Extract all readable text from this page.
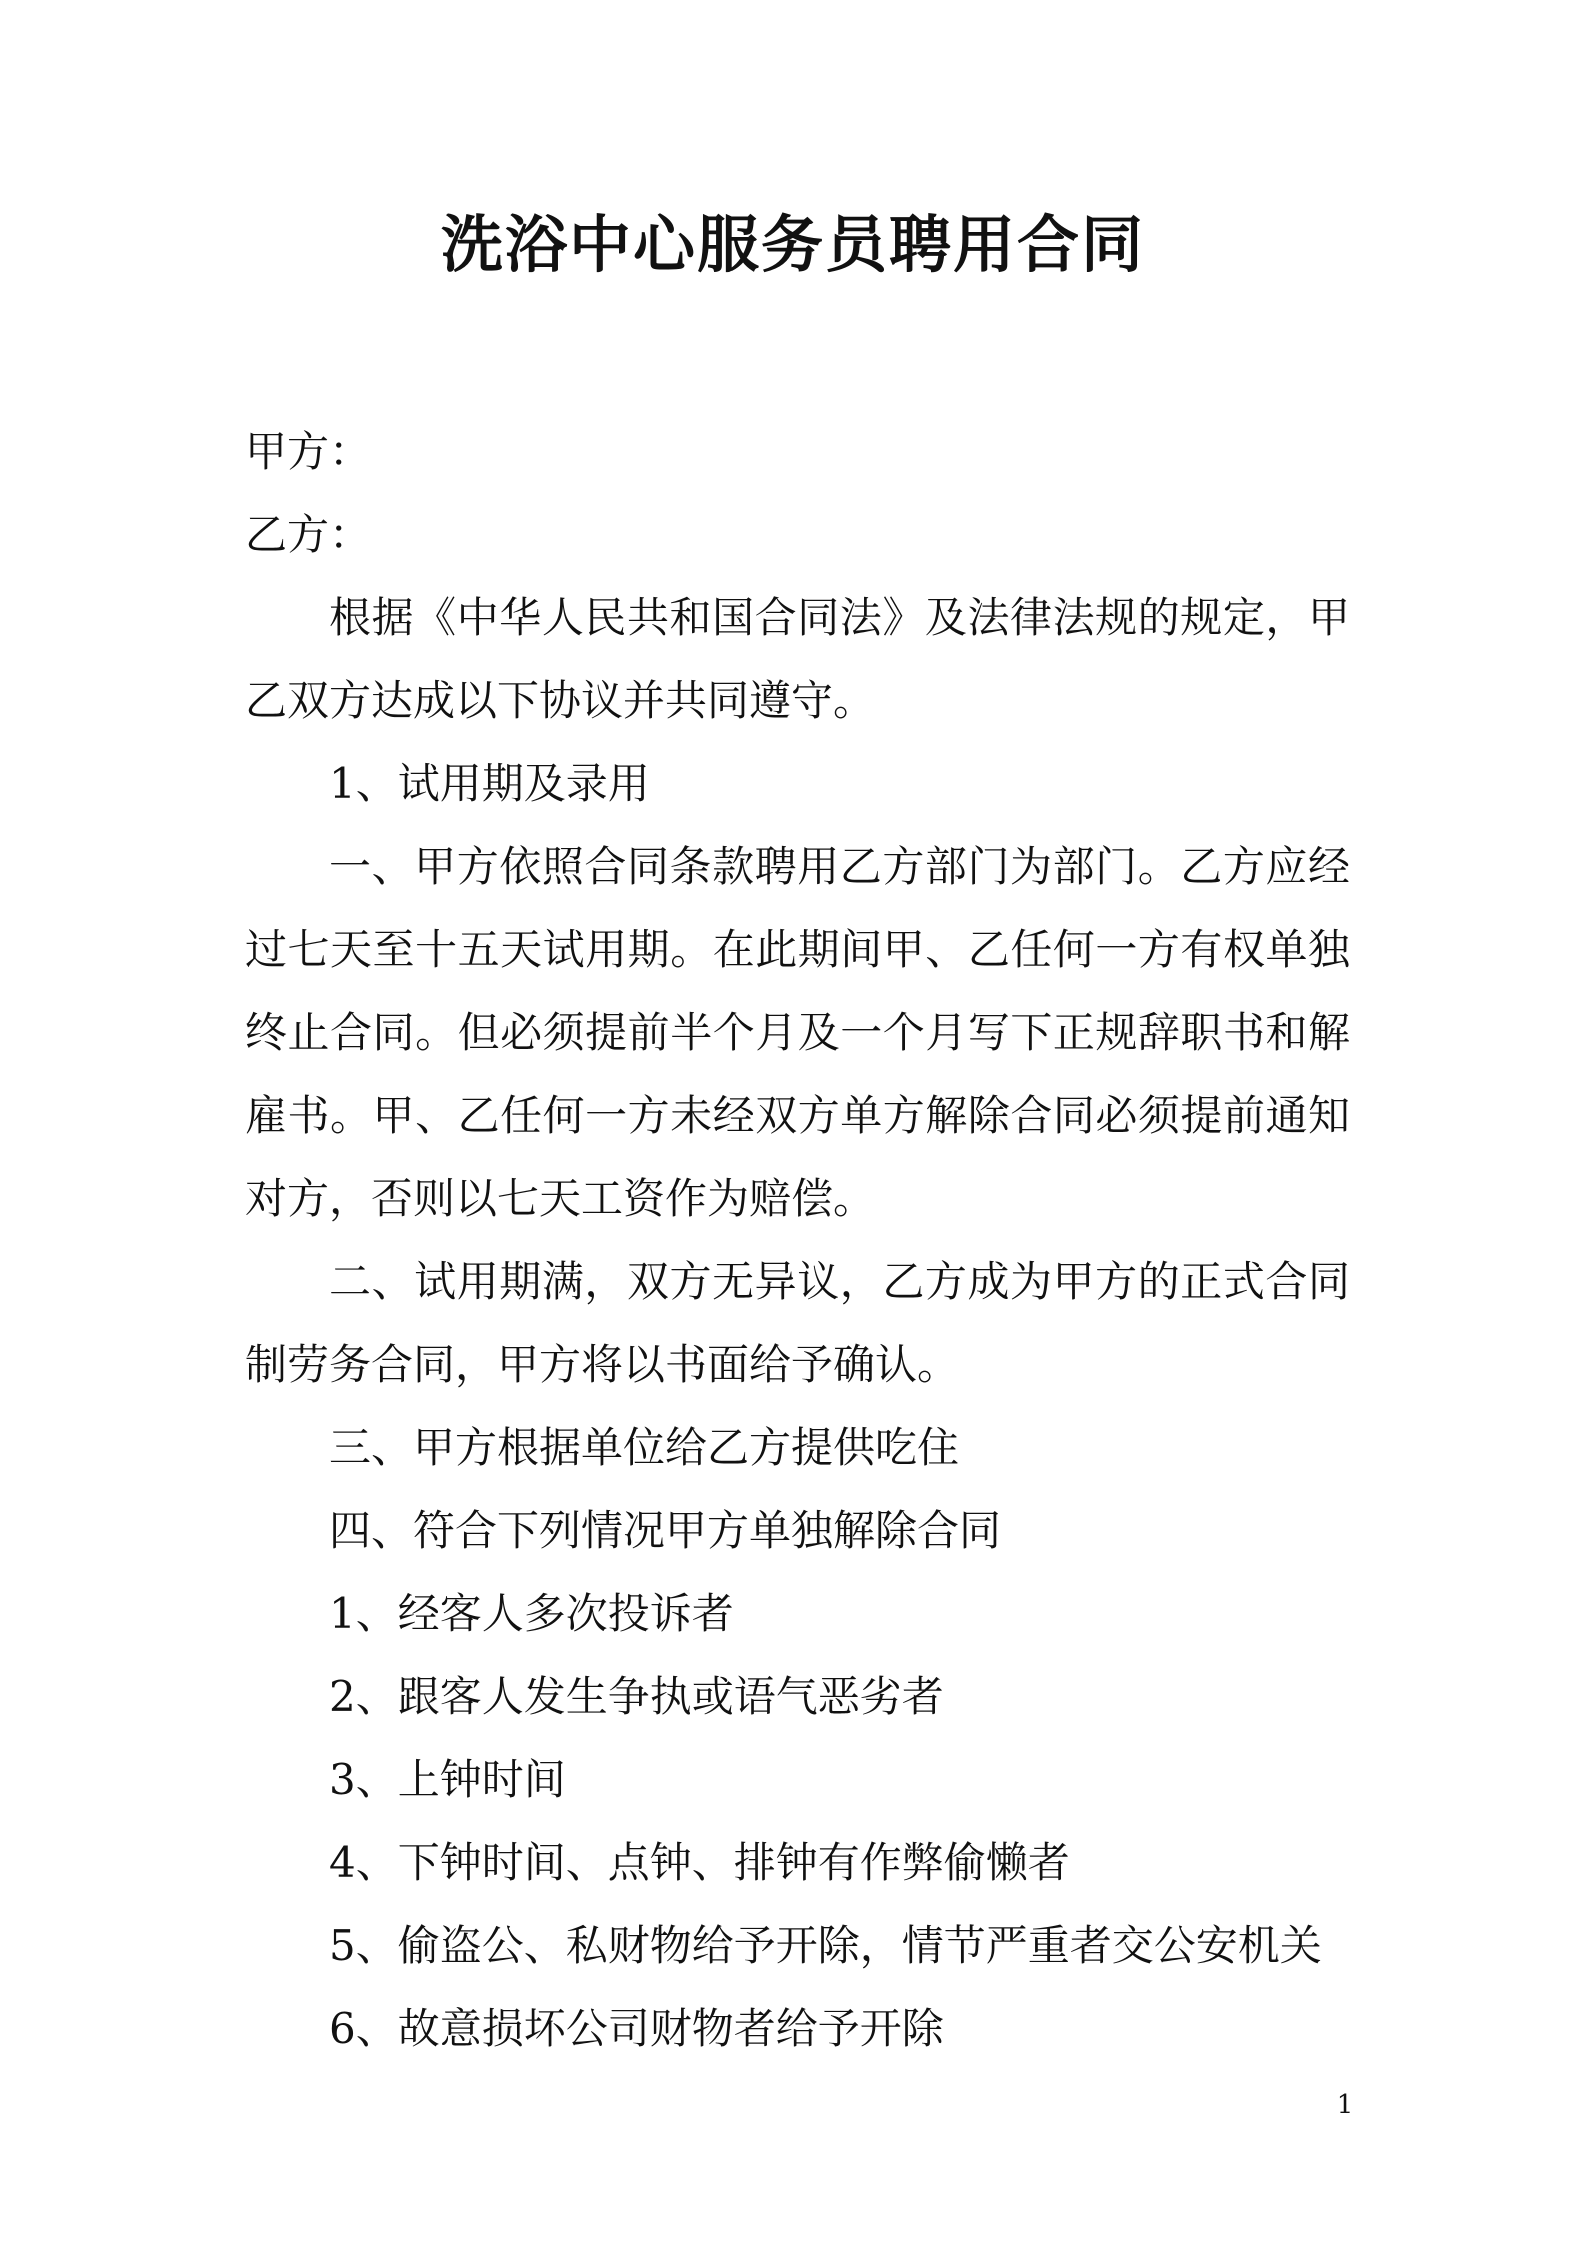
洗浴中心服务员聘用合同

甲方：

乙方：

根据《中华人民共和国合同法》及法律法规的规定，甲乙双方达成以下协议并共同遵守。

1、试用期及录用

一、甲方依照合同条款聘用乙方部门为部门。乙方应经过七天至十五天试用期。在此期间甲、乙任何一方有权单独终止合同。但必须提前半个月及一个月写下正规辞职书和解雇书。甲、乙任何一方未经双方单方解除合同必须提前通知对方，否则以七天工资作为赔偿。

二、试用期满，双方无异议，乙方成为甲方的正式合同制劳务合同，甲方将以书面给予确认。

三、甲方根据单位给乙方提供吃住

四、符合下列情况甲方单独解除合同

1、经客人多次投诉者

2、跟客人发生争执或语气恶劣者

3、上钟时间

4、下钟时间、点钟、排钟有作弊偷懒者

5、偷盗公、私财物给予开除，情节严重者交公安机关

6、故意损坏公司财物者给予开除

1
